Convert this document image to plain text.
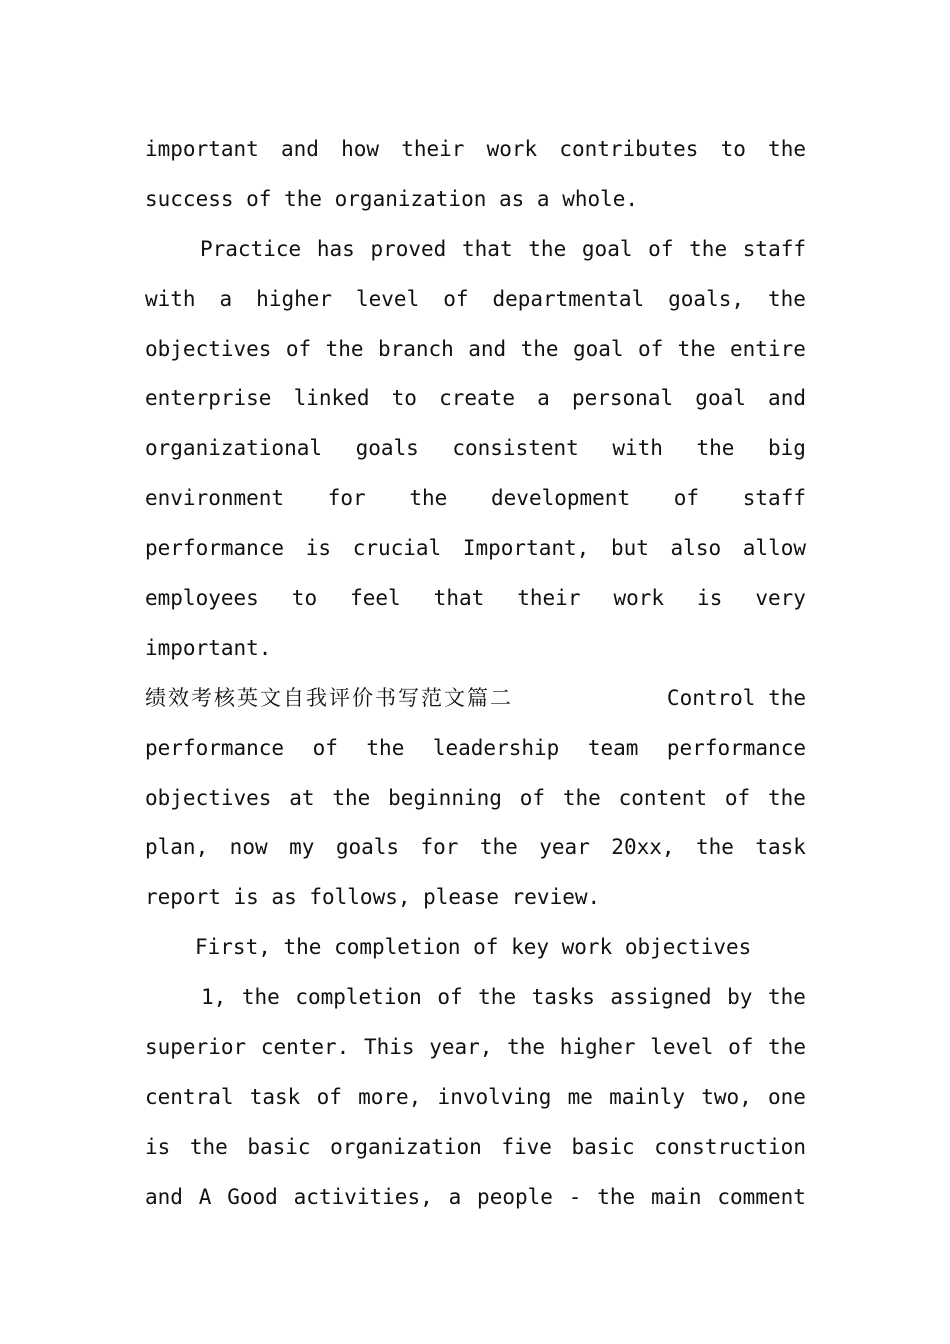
important and how their work contributes to the
success of the organization as a whole.
Practice has proved that the goal of the staff
with a higher level of departmental goals, the
objectives of the branch and the goal of the entire
enterprise linked to create a personal goal and
organizational goals consistent with the big
environment for the development of staff
performance is crucial Important, but also allow
employees to feel that their work is very
important.
绩效考核英文自我评价书写范文篇二	Control the
performance of the leadership team performance
objectives at the beginning of the content of the
plan, now my goals for the year 20xx, the task
report is as follows, please review.
First, the completion of key work objectives
1, the completion of the tasks assigned by the
superior center. This year, the higher level of the
central task of more, involving me mainly two, one
is the basic organization five basic construction
and A Good activities, a people - the main comment
